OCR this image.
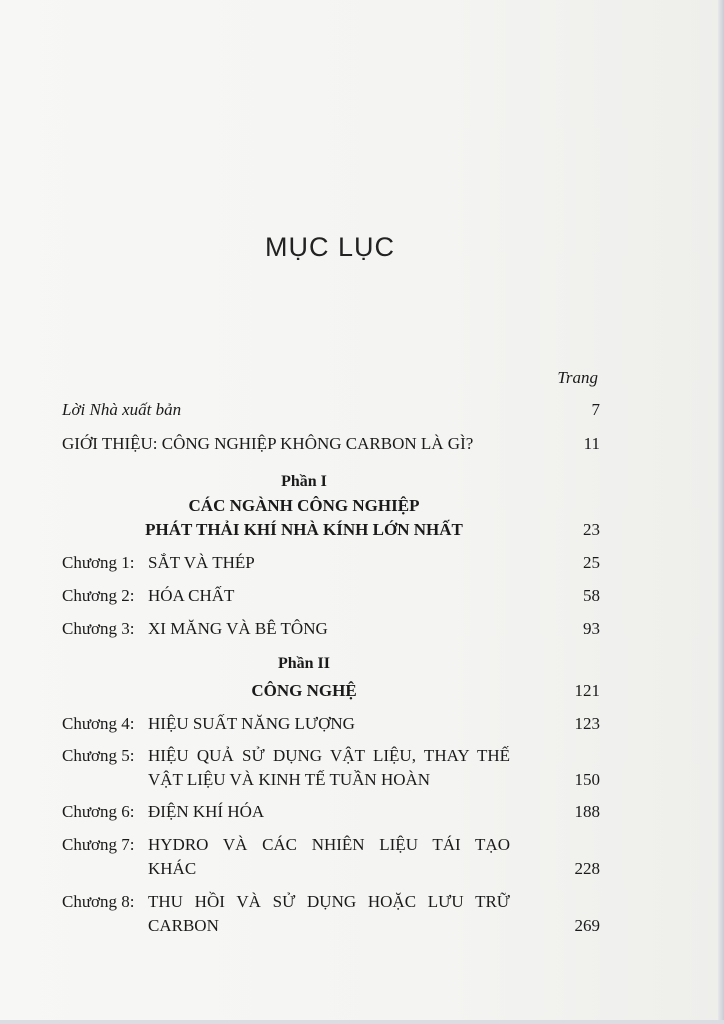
MỤC LỤC
Trang
Lời Nhà xuất bản	7
GIỚI THIỆU: CÔNG NGHIỆP KHÔNG CARBON LÀ GÌ?	11
Phần I
CÁC NGÀNH CÔNG NGHIỆP
PHÁT THẢI KHÍ NHÀ KÍNH LỚN NHẤT	23
Chương 1: SẮT VÀ THÉP	25
Chương 2: HÓA CHẤT	58
Chương 3: XI MĂNG VÀ BÊ TÔNG	93
Phần II
CÔNG NGHỆ	121
Chương 4: HIỆU SUẤT NĂNG LƯỢNG	123
Chương 5: HIỆU QUẢ SỬ DỤNG VẬT LIỆU, THAY THẾ
VẬT LIỆU VÀ KINH TẾ TUẦN HOÀN	150
Chương 6: ĐIỆN KHÍ HÓA	188
Chương 7: HYDRO VÀ CÁC NHIÊN LIỆU TÁI TẠO
KHÁC	228
Chương 8: THU HỒI VÀ SỬ DỤNG HOẶC LƯU TRỮ
CARBON	269
